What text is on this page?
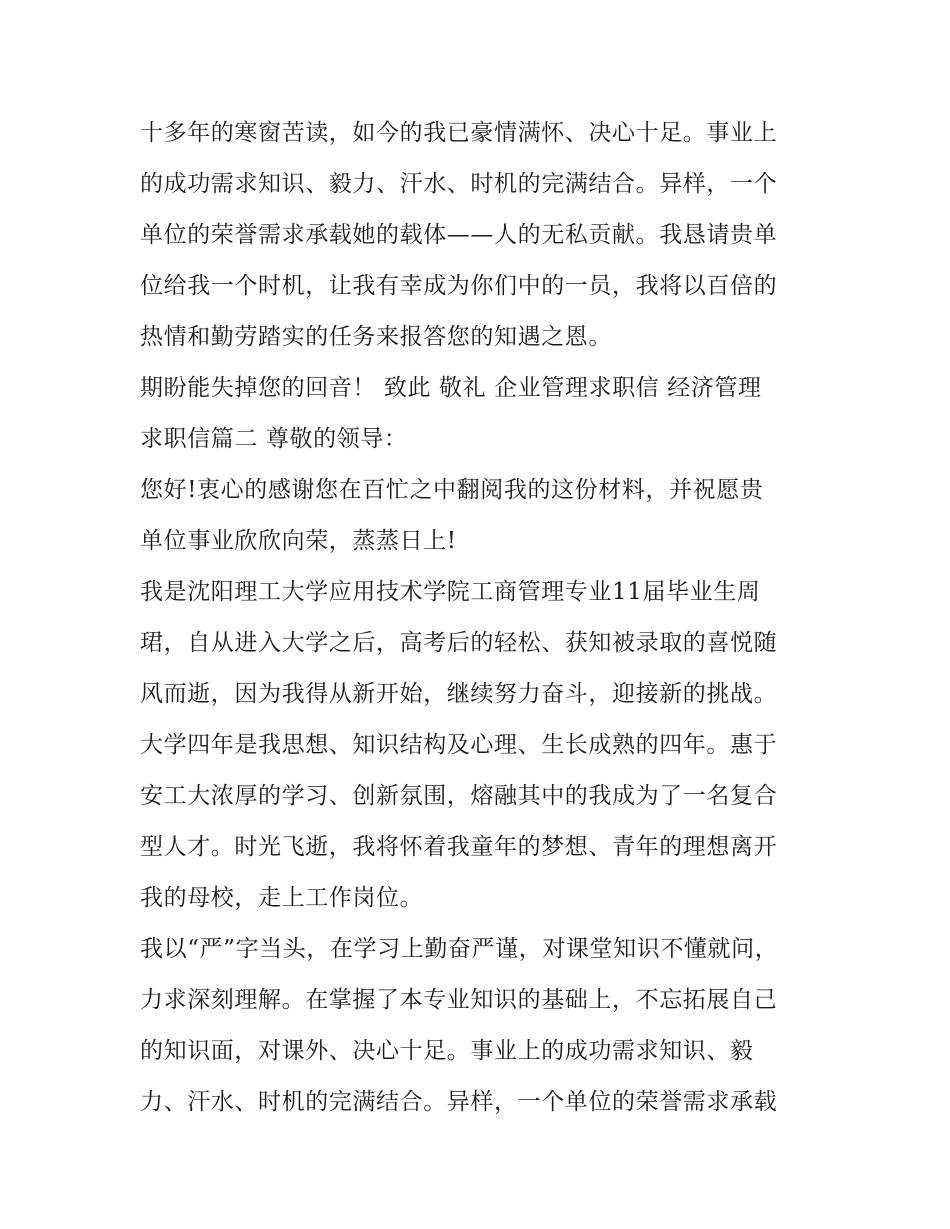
十多年的寒窗苦读，如今的我已豪情满怀、决心十足。事业上
的成功需求知识、毅力、汗水、时机的完满结合。异样，一个
单位的荣誉需求承载她的载体——人的无私贡献。我恳请贵单
位给我一个时机，让我有幸成为你们中的一员，我将以百倍的
热情和勤劳踏实的任务来报答您的知遇之恩。
期盼能失掉您的回音！ 致此 敬礼 企业管理求职信 经济管理
求职信篇二 尊敬的领导：
您好!衷心的感谢您在百忙之中翻阅我的这份材料，并祝愿贵
单位事业欣欣向荣，蒸蒸日上!
我是沈阳理工大学应用技术学院工商管理专业11届毕业生周
珺，自从进入大学之后，高考后的轻松、获知被录取的喜悦随
风而逝，因为我得从新开始，继续努力奋斗，迎接新的挑战。
大学四年是我思想、知识结构及心理、生长成熟的四年。惠于
安工大浓厚的学习、创新氛围，熔融其中的我成为了一名复合
型人才。时光飞逝，我将怀着我童年的梦想、青年的理想离开
我的母校，走上工作岗位。
我以“严”字当头，在学习上勤奋严谨，对课堂知识不懂就问，
力求深刻理解。在掌握了本专业知识的基础上，不忘拓展自己
的知识面，对课外、决心十足。事业上的成功需求知识、毅
力、汗水、时机的完满结合。异样，一个单位的荣誉需求承载
